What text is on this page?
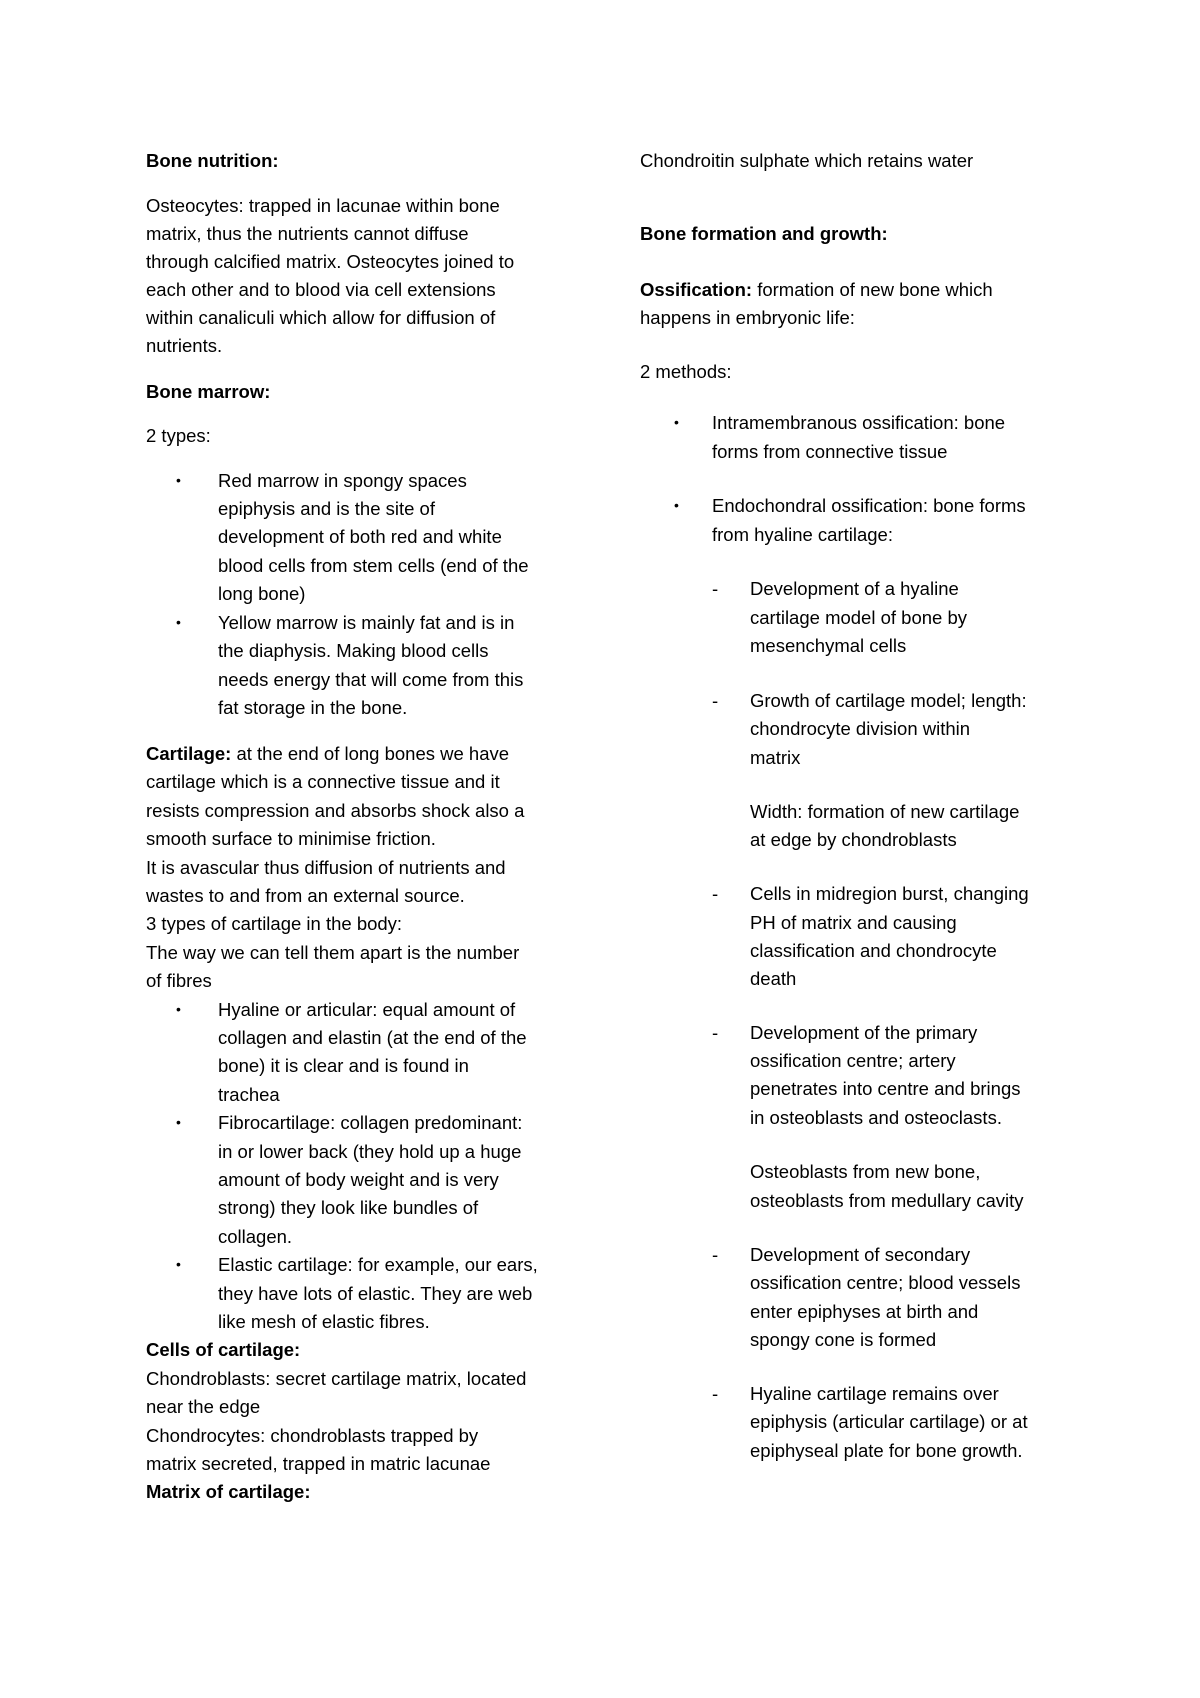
Bone nutrition:
Osteocytes: trapped in lacunae within bone
matrix, thus the nutrients cannot diffuse
through calcified matrix. Osteocytes joined to
each other and to blood via cell extensions
within canaliculi which allow for diffusion of
nutrients.
Bone marrow:
2 types:
• Red marrow in spongy spaces
epiphysis and is the site of
development of both red and white
blood cells from stem cells (end of the
long bone)
• Yellow marrow is mainly fat and is in
the diaphysis. Making blood cells
needs energy that will come from this
fat storage in the bone.
Cartilage: at the end of long bones we have
cartilage which is a connective tissue and it
resists compression and absorbs shock also a
smooth surface to minimise friction.
It is avascular thus diffusion of nutrients and
wastes to and from an external source.
3 types of cartilage in the body:
The way we can tell them apart is the number
of fibres
• Hyaline or articular: equal amount of
collagen and elastin (at the end of the
bone) it is clear and is found in
trachea
• Fibrocartilage: collagen predominant:
in or lower back (they hold up a huge
amount of body weight and is very
strong) they look like bundles of
collagen.
• Elastic cartilage: for example, our ears,
they have lots of elastic. They are web
like mesh of elastic fibres.
Cells of cartilage:
Chondroblasts: secret cartilage matrix, located
near the edge
Chondrocytes: chondroblasts trapped by
matrix secreted, trapped in matric lacunae
Matrix of cartilage:
Chondroitin sulphate which retains water
Bone formation and growth:
Ossification: formation of new bone which
happens in embryonic life:
2 methods:
• Intramembranous ossification: bone
forms from connective tissue
• Endochondral ossification: bone forms
from hyaline cartilage:
- Development of a hyaline
cartilage model of bone by
mesenchymal cells
- Growth of cartilage model; length:
chondrocyte division within
matrix
Width: formation of new cartilage
at edge by chondroblasts
- Cells in midregion burst, changing
PH of matrix and causing
classification and chondrocyte
death
- Development of the primary
ossification centre; artery
penetrates into centre and brings
in osteoblasts and osteoclasts.
Osteoblasts from new bone,
osteoblasts from medullary cavity
- Development of secondary
ossification centre; blood vessels
enter epiphyses at birth and
spongy cone is formed
- Hyaline cartilage remains over
epiphysis (articular cartilage) or at
epiphyseal plate for bone growth.
